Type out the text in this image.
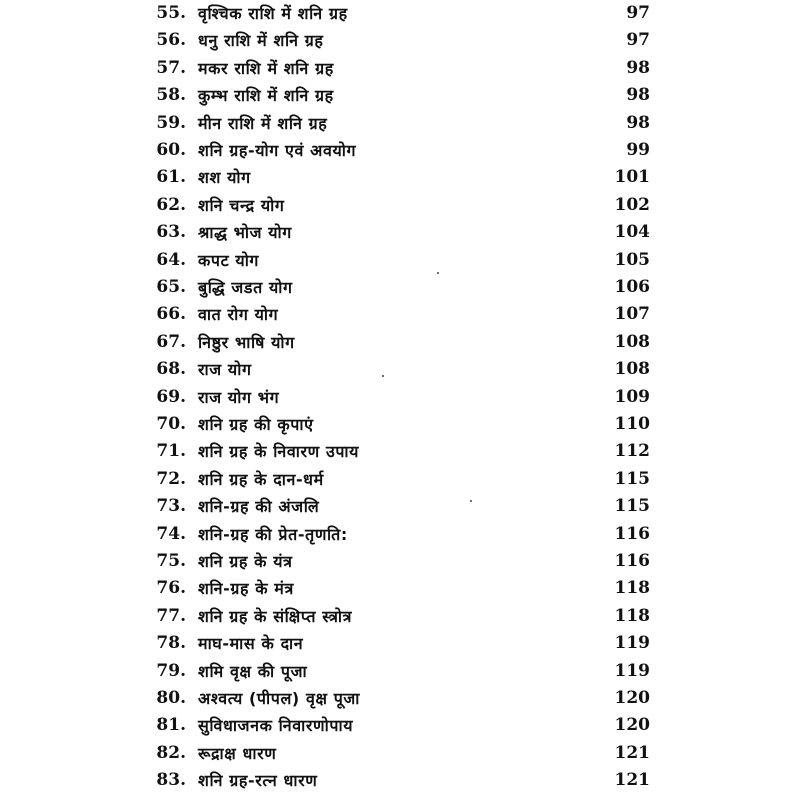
55. वृश्चिक राशि में शनि ग्रह	97
56. धनु राशि में शनि ग्रह	97
57. मकर राशि में शनि ग्रह	98
58. कुम्भ राशि में शनि ग्रह	98
59. मीन राशि में शनि ग्रह	98
60. शनि ग्रह-योग एवं अवयोग	99
61. शश योग	101
62. शनि चन्द्र योग	102
63. श्राद्ध भोज योग	104
64. कपट योग	105
65. बुद्धि जडत योग	106
66. वात रोग योग	107
67. निष्ठुर भाषि योग	108
68. राज योग	108
69. राज योग भंग	109
70. शनि ग्रह की कृपाएं	110
71. शनि ग्रह के निवारण उपाय	112
72. शनि ग्रह के दान-धर्म	115
73. शनि-ग्रह की अंजलि	115
74. शनि-ग्रह की प्रेत-तृणति:	116
75. शनि ग्रह के यंत्र	116
76. शनि-ग्रह के मंत्र	118
77. शनि ग्रह के संक्षिप्त स्त्रोत्र	118
78. माघ-मास के दान	119
79. शमि वृक्ष की पूजा	119
80. अश्वत्य (पीपल) वृक्ष पूजा	120
81. सुविधाजनक निवारणोपाय	120
82. रूद्राक्ष धारण	121
83. शनि ग्रह-रत्न धारण	121
